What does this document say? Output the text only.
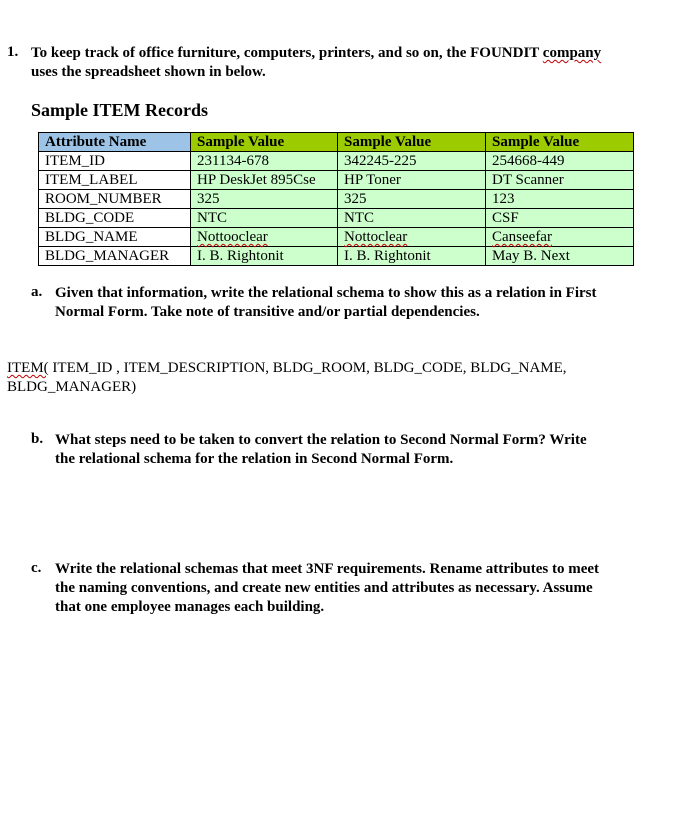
1. To keep track of office furniture, computers, printers, and so on, the FOUNDIT company
uses the spreadsheet shown in below.
Sample ITEM Records
Attribute Name	Sample Value	Sample Value	Sample Value
ITEM_ID	231134-678	342245-225	254668-449
ITEM_LABEL	HP DeskJet 895Cse	HP Toner	DT Scanner
ROOM_NUMBER	325	325	123
BLDG_CODE	NTC	NTC	CSF
BLDG_NAME	Nottooclear	Nottoclear	Canseefar
BLDG_MANAGER	I. B. Rightonit	I. B. Rightonit	May B. Next
a. Given that information, write the relational schema to show this as a relation in First
Normal Form. Take note of transitive and/or partial dependencies.
ITEM( ITEM_ID , ITEM_DESCRIPTION, BLDG_ROOM, BLDG_CODE, BLDG_NAME,
BLDG_MANAGER)
b. What steps need to be taken to convert the relation to Second Normal Form? Write
the relational schema for the relation in Second Normal Form.
c. Write the relational schemas that meet 3NF requirements. Rename attributes to meet
the naming conventions, and create new entities and attributes as necessary. Assume
that one employee manages each building.
